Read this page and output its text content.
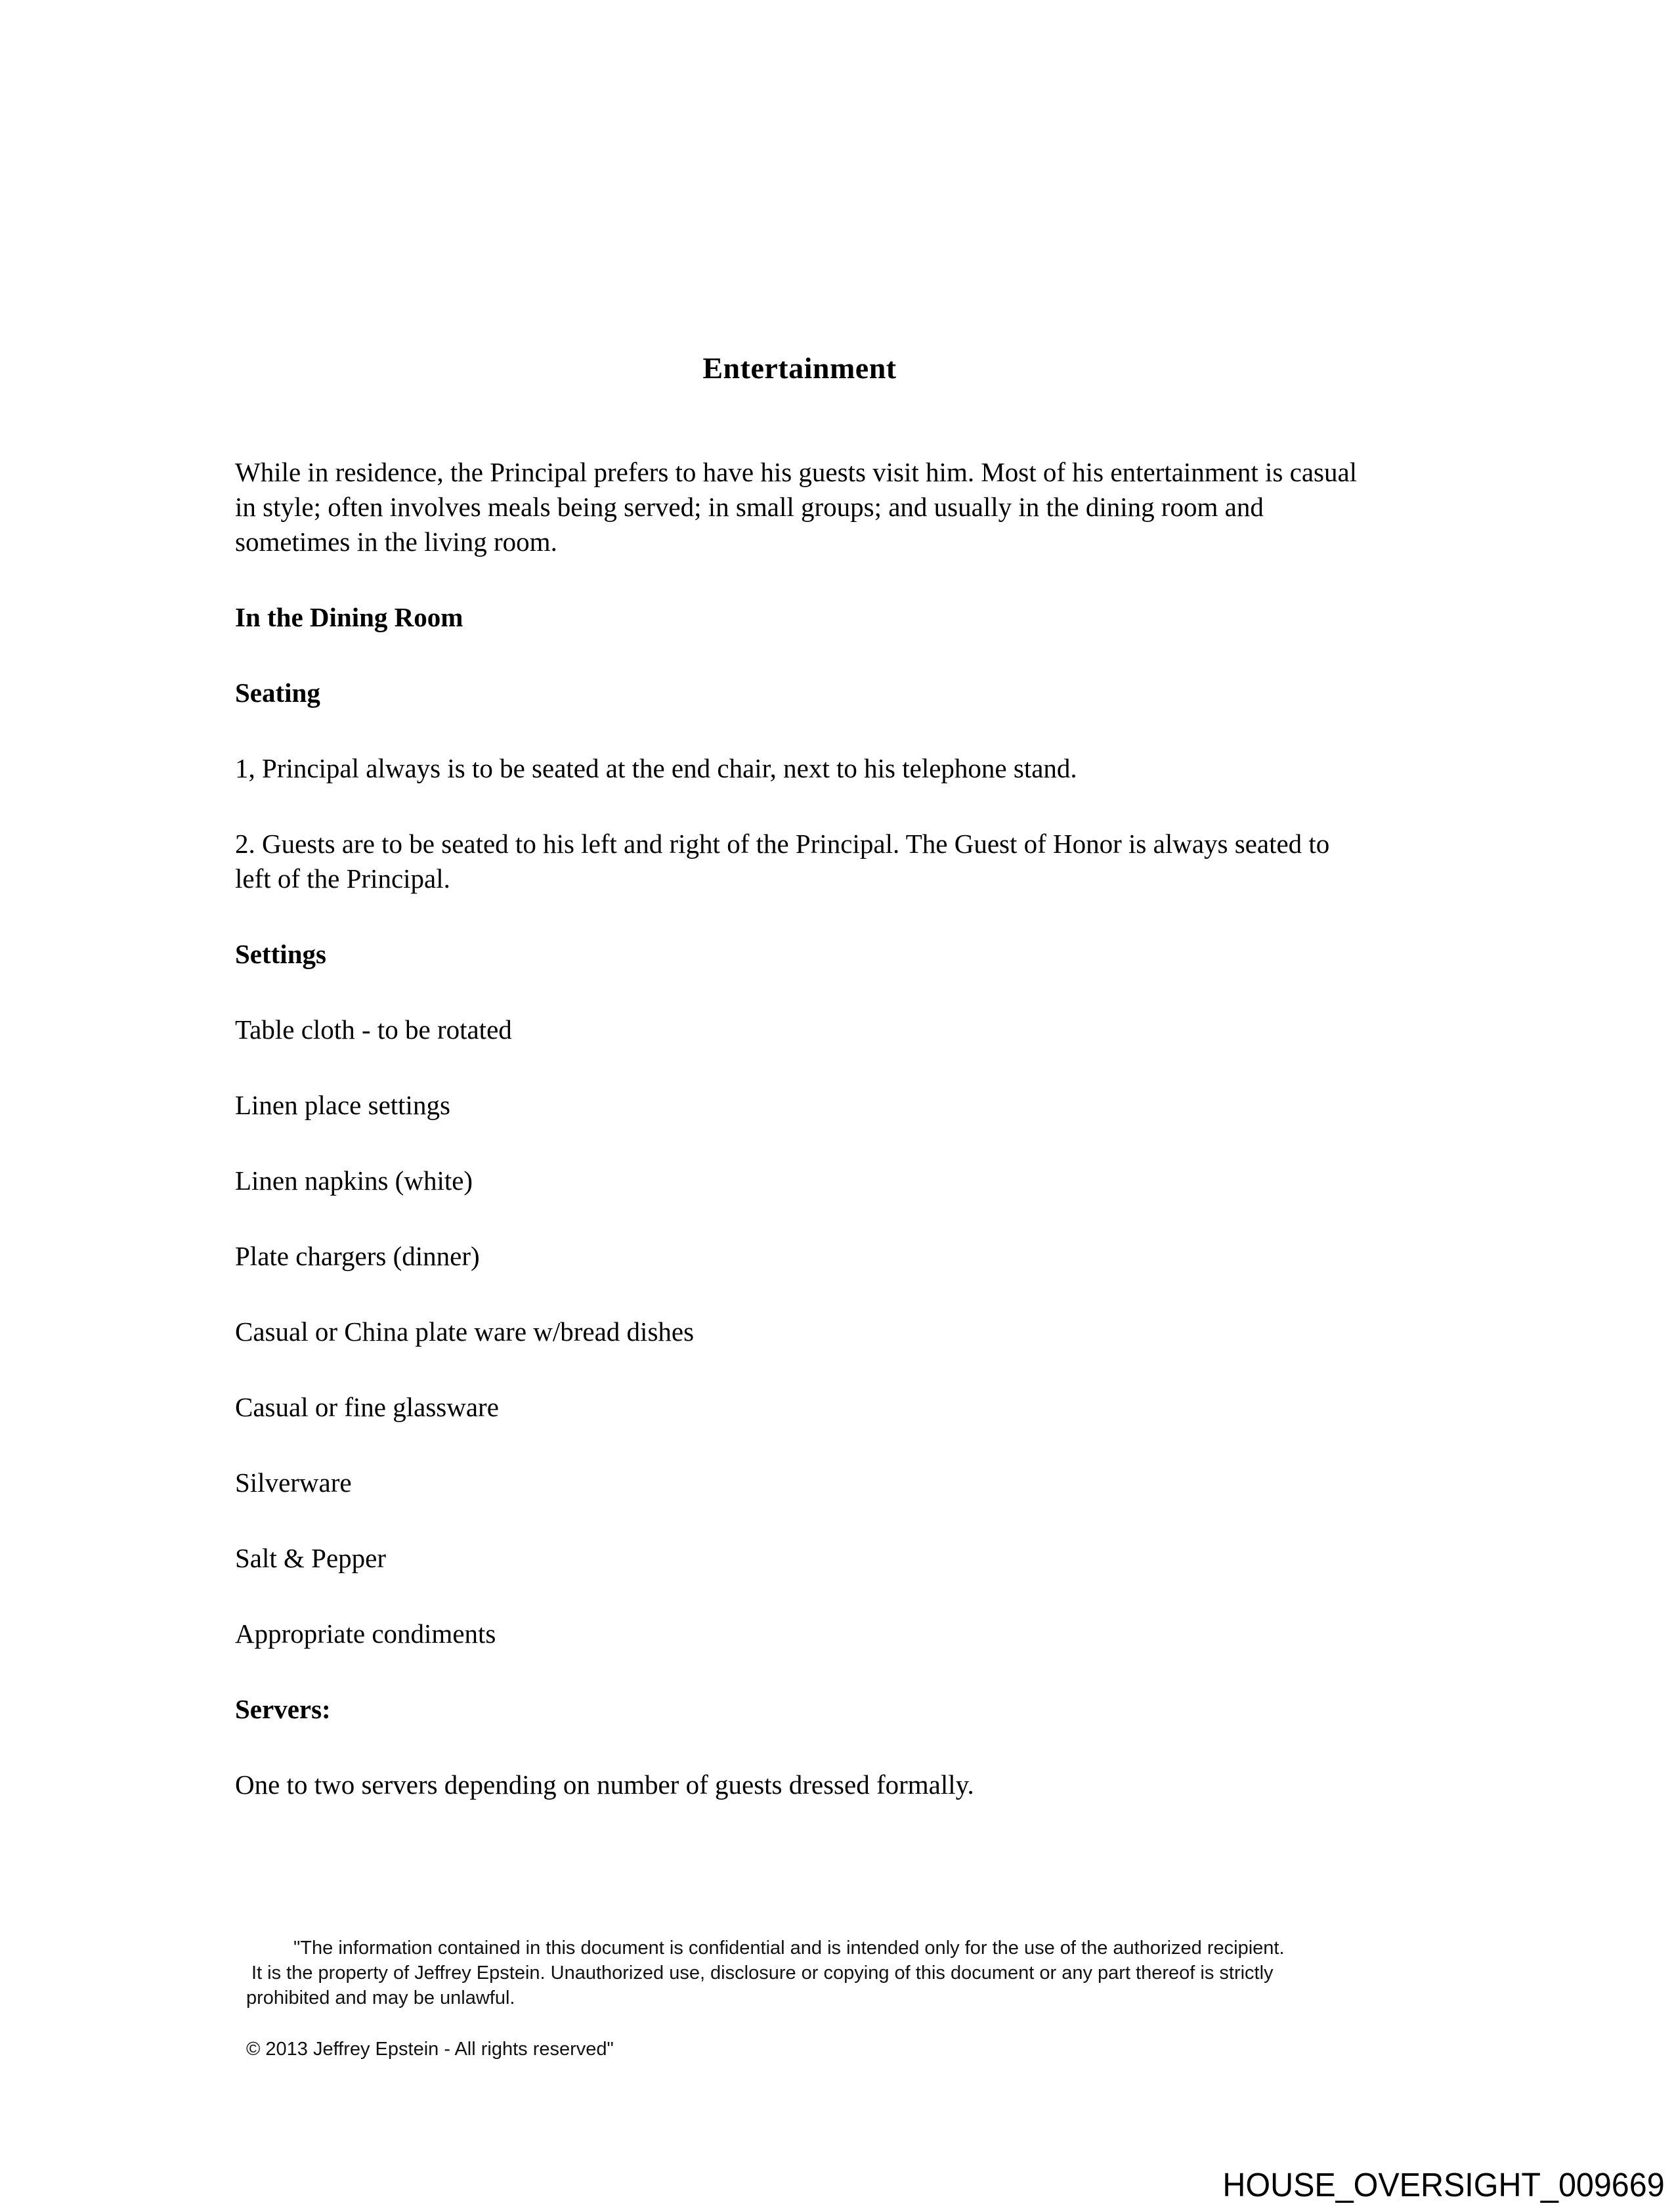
Entertainment

While in residence, the Principal prefers to have his guests visit him. Most of his entertainment is casual in style; often involves meals being served; in small groups; and usually in the dining room and sometimes in the living room.

In the Dining Room
Seating

1, Principal always is to be seated at the end chair, next to his telephone stand.

2. Guests are to be seated to his left and right of the Principal. The Guest of Honor is always seated to left of the Principal.

Settings

Table cloth - to be rotated

Linen place settings

Linen napkins (white)

Plate chargers (dinner)

Casual or China plate ware w/bread dishes

Casual or fine glassware

Silverware

Salt & Pepper

Appropriate condiments

Servers:

One to two servers depending on number of guests dressed formally.

"The information contained in this document is confidential and is intended only for the use of the authorized recipient.
It is the property of Jeffrey Epstein. Unauthorized use, disclosure or copying of this document or any part thereof is strictly
prohibited and may be unlawful.
© 2013 Jeffrey Epstein - All rights reserved"
HOUSE_OVERSIGHT_009669
